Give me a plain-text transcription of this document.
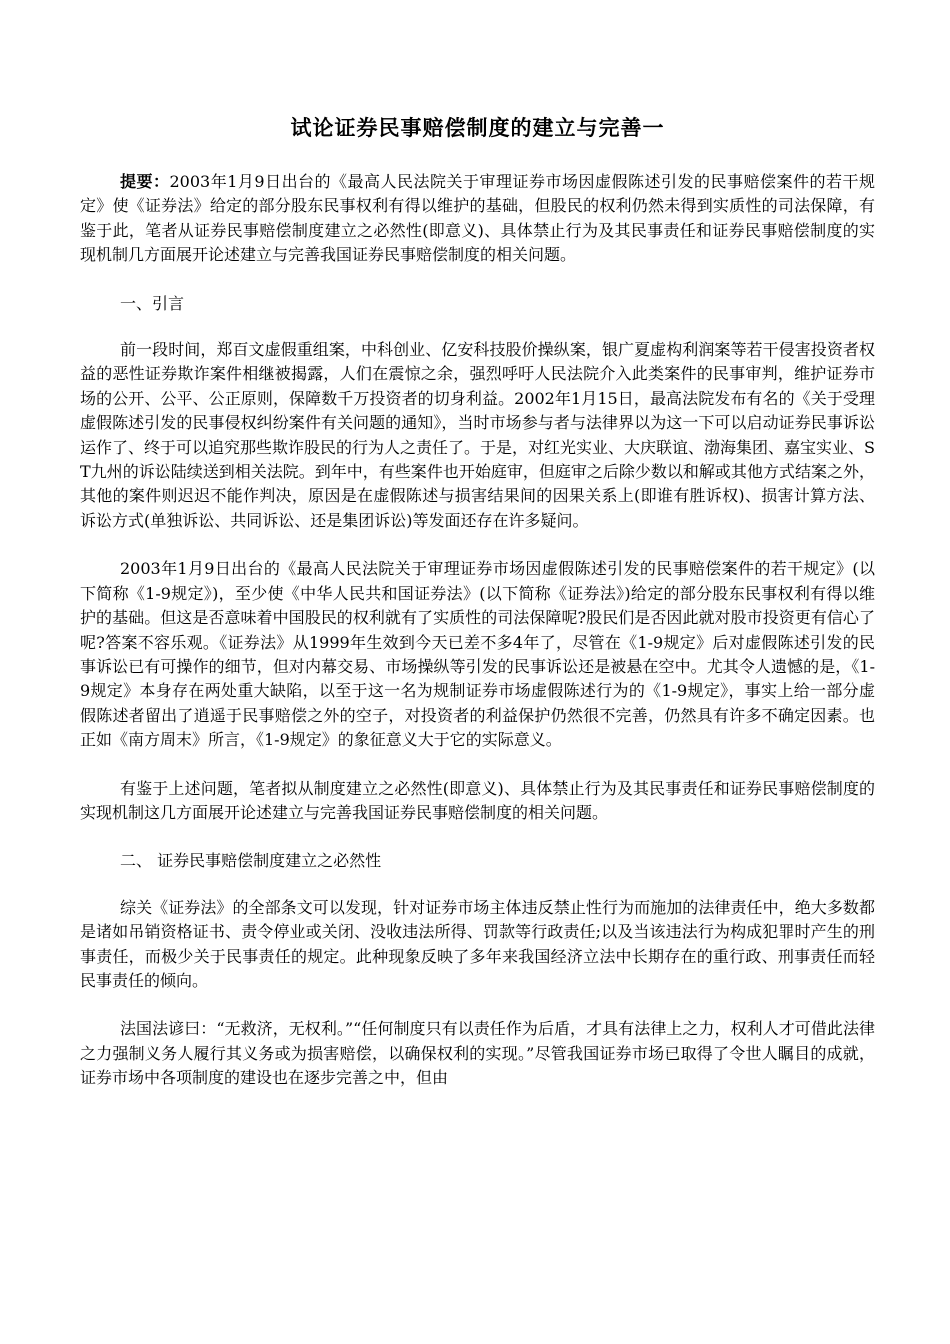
试论证券民事赔偿制度的建立与完善一

提要：2003年1月9日出台的《最高人民法院关于审理证券市场因虚假陈述引发的民事赔偿案件的若干规定》使《证券法》给定的部分股东民事权利有得以维护的基础，但股民的权利仍然未得到实质性的司法保障，有鉴于此，笔者从证券民事赔偿制度建立之必然性(即意义)、具体禁止行为及其民事责任和证券民事赔偿制度的实现机制几方面展开论述建立与完善我国证券民事赔偿制度的相关问题。

一、引言

前一段时间，郑百文虚假重组案，中科创业、亿安科技股价操纵案，银广夏虚构利润案等若干侵害投资者权益的恶性证券欺诈案件相继被揭露，人们在震惊之余，强烈呼吁人民法院介入此类案件的民事审判，维护证券市场的公开、公平、公正原则，保障数千万投资者的切身利益。2002年1月15日，最高法院发布有名的《关于受理虚假陈述引发的民事侵权纠纷案件有关问题的通知》，当时市场参与者与法律界以为这一下可以启动证券民事诉讼运作了、终于可以追究那些欺诈股民的行为人之责任了。于是，对红光实业、大庆联谊、渤海集团、嘉宝实业、ST九州的诉讼陆续送到相关法院。到年中，有些案件也开始庭审，但庭审之后除少数以和解或其他方式结案之外，其他的案件则迟迟不能作判决，原因是在虚假陈述与损害结果间的因果关系上(即谁有胜诉权)、损害计算方法、诉讼方式(单独诉讼、共同诉讼、还是集团诉讼)等发面还存在许多疑问。

2003年1月9日出台的《最高人民法院关于审理证券市场因虚假陈述引发的民事赔偿案件的若干规定》(以下简称《1-9规定》)，至少使《中华人民共和国证券法》(以下简称《证券法》)给定的部分股东民事权利有得以维护的基础。但这是否意味着中国股民的权利就有了实质性的司法保障呢?股民们是否因此就对股市投资更有信心了呢?答案不容乐观。《证券法》从1999年生效到今天已差不多4年了，尽管在《1-9规定》后对虚假陈述引发的民事诉讼已有可操作的细节，但对内幕交易、市场操纵等引发的民事诉讼还是被悬在空中。尤其令人遗憾的是，《1-9规定》本身存在两处重大缺陷，以至于这一名为规制证券市场虚假陈述行为的《1-9规定》，事实上给一部分虚假陈述者留出了逍遥于民事赔偿之外的空子，对投资者的利益保护仍然很不完善，仍然具有许多不确定因素。也正如《南方周末》所言，《1-9规定》的象征意义大于它的实际意义。

有鉴于上述问题，笔者拟从制度建立之必然性(即意义)、具体禁止行为及其民事责任和证券民事赔偿制度的实现机制这几方面展开论述建立与完善我国证券民事赔偿制度的相关问题。

二、 证券民事赔偿制度建立之必然性

综关《证券法》的全部条文可以发现，针对证券市场主体违反禁止性行为而施加的法律责任中，绝大多数都是诸如吊销资格证书、责令停业或关闭、没收违法所得、罚款等行政责任;以及当该违法行为构成犯罪时产生的刑事责任，而极少关于民事责任的规定。此种现象反映了多年来我国经济立法中长期存在的重行政、刑事责任而轻民事责任的倾向。

法国法谚曰：“无救济，无权利。”“任何制度只有以责任作为后盾，才具有法律上之力，权利人才可借此法律之力强制义务人履行其义务或为损害赔偿，以确保权利的实现。”尽管我国证券市场已取得了令世人瞩目的成就，证券市场中各项制度的建设也在逐步完善之中，但由
